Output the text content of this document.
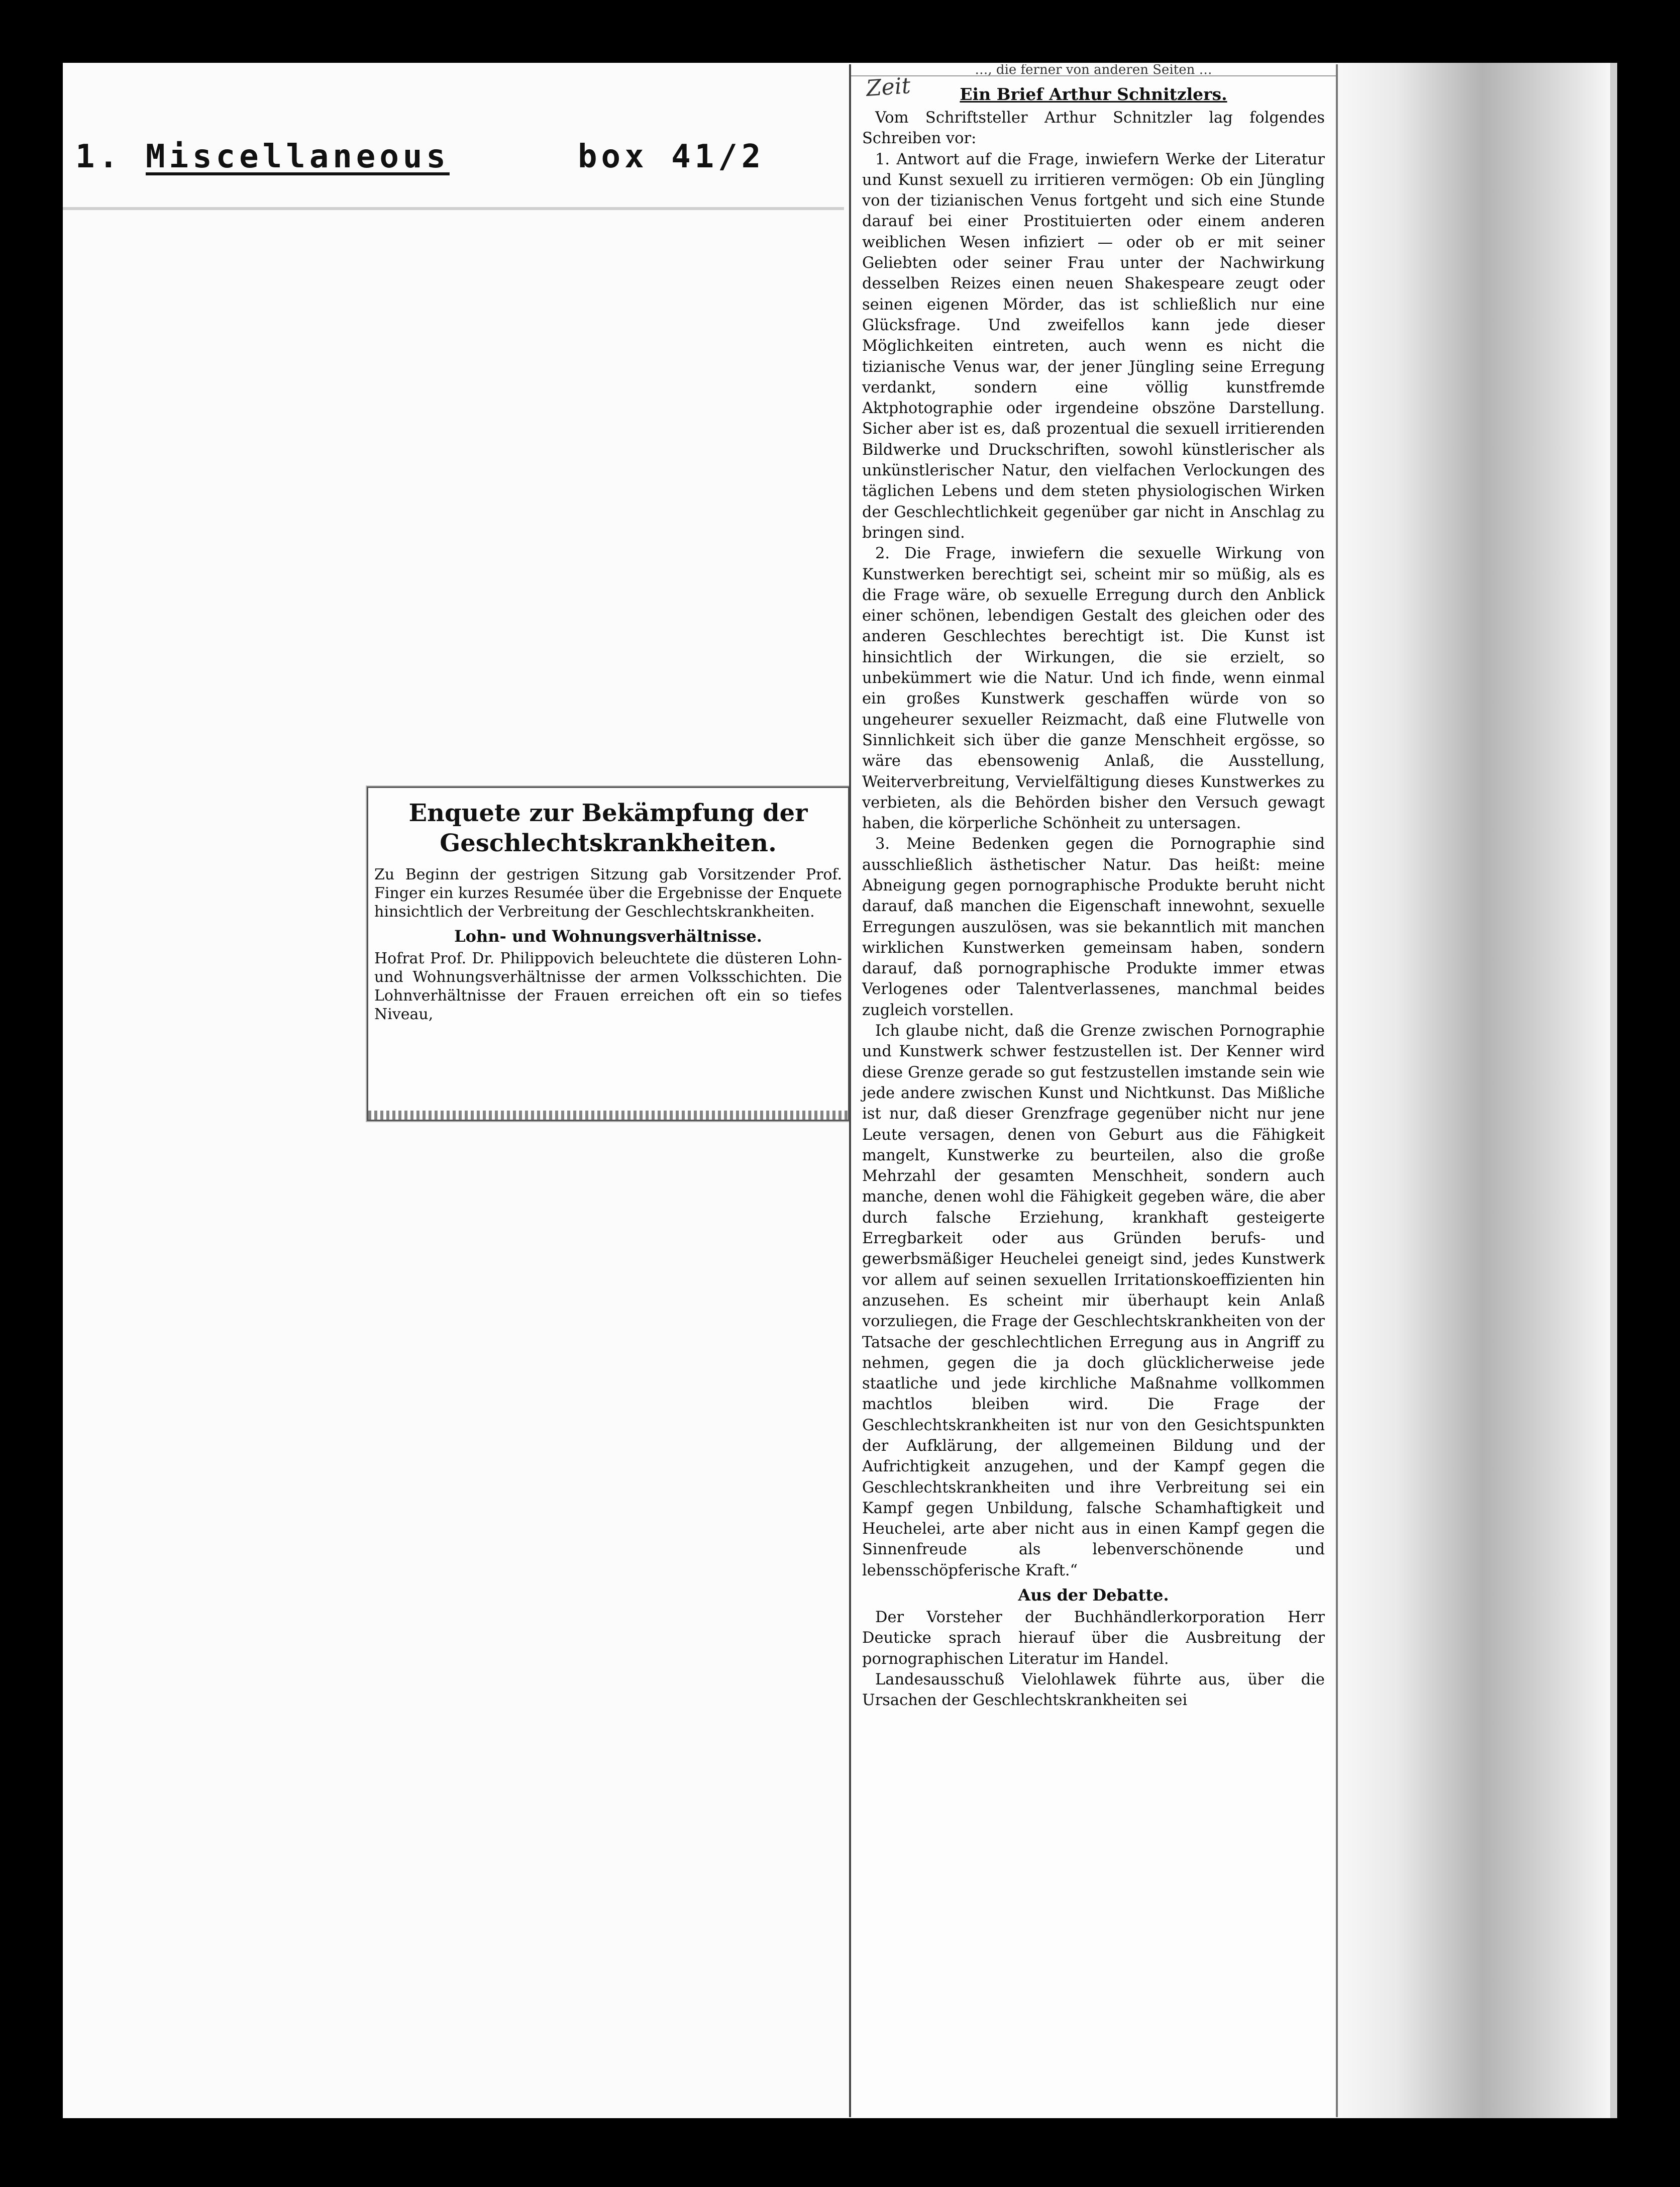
1. Miscellaneous	box 41/2
Enquete zur Bekämpfung der Geschlechtskrankheiten.

Zu Beginn der gestrigen Sitzung gab Vorsitzender Prof. Finger ein kurzes Resumée über die Ergebnisse der Enquete hinsichtlich der Verbreitung der Geschlechtskrankheiten.

Lohn- und Wohnungsverhältnisse.

Hofrat Prof. Dr. Philippovich beleuchtete die düsteren Lohn- und Wohnungsverhältnisse der armen Volksschichten. Die Lohnverhältnisse der Frauen erreichen oft ein so tiefes Niveau,

…, die ferner von anderen Seiten …
Zeit	Ein Brief Arthur Schnitzlers.

Vom Schriftsteller Arthur Schnitzler lag folgendes Schreiben vor:

1. Antwort auf die Frage, inwiefern Werke der Literatur und Kunst sexuell zu irritieren vermögen: Ob ein Jüngling von der tizianischen Venus fortgeht und sich eine Stunde darauf bei einer Prostituierten oder einem anderen weiblichen Wesen infiziert — oder ob er mit seiner Geliebten oder seiner Frau unter der Nachwirkung desselben Reizes einen neuen Shakespeare zeugt oder seinen eigenen Mörder, das ist schließlich nur eine Glücksfrage. Und zweifellos kann jede dieser Möglichkeiten eintreten, auch wenn es nicht die tizianische Venus war, der jener Jüngling seine Erregung verdankt, sondern eine völlig kunstfremde Aktphotographie oder irgendeine obszöne Darstellung. Sicher aber ist es, daß prozentual die sexuell irritierenden Bildwerke und Druckschriften, sowohl künstlerischer als unkünstlerischer Natur, den vielfachen Verlockungen des täglichen Lebens und dem steten physiologischen Wirken der Geschlechtlichkeit gegenüber gar nicht in Anschlag zu bringen sind.

2. Die Frage, inwiefern die sexuelle Wirkung von Kunstwerken berechtigt sei, scheint mir so müßig, als es die Frage wäre, ob sexuelle Erregung durch den Anblick einer schönen, lebendigen Gestalt des gleichen oder des anderen Geschlechtes berechtigt ist. Die Kunst ist hinsichtlich der Wirkungen, die sie erzielt, so unbekümmert wie die Natur. Und ich finde, wenn einmal ein großes Kunstwerk geschaffen würde von so ungeheurer sexueller Reizmacht, daß eine Flutwelle von Sinnlichkeit sich über die ganze Menschheit ergösse, so wäre das ebensowenig Anlaß, die Ausstellung, Weiterverbreitung, Vervielfältigung dieses Kunstwerkes zu verbieten, als die Behörden bisher den Versuch gewagt haben, die körperliche Schönheit zu untersagen.

3. Meine Bedenken gegen die Pornographie sind ausschließlich ästhetischer Natur. Das heißt: meine Abneigung gegen pornographische Produkte beruht nicht darauf, daß manchen die Eigenschaft innewohnt, sexuelle Erregungen auszulösen, was sie bekanntlich mit manchen wirklichen Kunstwerken gemeinsam haben, sondern darauf, daß pornographische Produkte immer etwas Verlogenes oder Talentverlassenes, manchmal beides zugleich vorstellen.

Ich glaube nicht, daß die Grenze zwischen Pornographie und Kunstwerk schwer festzustellen ist. Der Kenner wird diese Grenze gerade so gut festzustellen imstande sein wie jede andere zwischen Kunst und Nichtkunst. Das Mißliche ist nur, daß dieser Grenzfrage gegenüber nicht nur jene Leute versagen, denen von Geburt aus die Fähigkeit mangelt, Kunstwerke zu beurteilen, also die große Mehrzahl der gesamten Menschheit, sondern auch manche, denen wohl die Fähigkeit gegeben wäre, die aber durch falsche Erziehung, krankhaft gesteigerte Erregbarkeit oder aus Gründen berufs- und gewerbsmäßiger Heuchelei geneigt sind, jedes Kunstwerk vor allem auf seinen sexuellen Irritationskoeffizienten hin anzusehen. Es scheint mir überhaupt kein Anlaß vorzuliegen, die Frage der Geschlechtskrankheiten von der Tatsache der geschlechtlichen Erregung aus in Angriff zu nehmen, gegen die ja doch glücklicherweise jede staatliche und jede kirchliche Maßnahme vollkommen machtlos bleiben wird. Die Frage der Geschlechtskrankheiten ist nur von den Gesichtspunkten der Aufklärung, der allgemeinen Bildung und der Aufrichtigkeit anzugehen, und der Kampf gegen die Geschlechtskrankheiten und ihre Verbreitung sei ein Kampf gegen Unbildung, falsche Schamhaftigkeit und Heuchelei, arte aber nicht aus in einen Kampf gegen die Sinnenfreude als lebenverschönende und lebensschöpferische Kraft.“

Aus der Debatte.

Der Vorsteher der Buchhändlerkorporation Herr Deuticke sprach hierauf über die Ausbreitung der pornographischen Literatur im Handel.

Landesausschuß Vielohlawek führte aus, über die Ursachen der Geschlechtskrankheiten sei
